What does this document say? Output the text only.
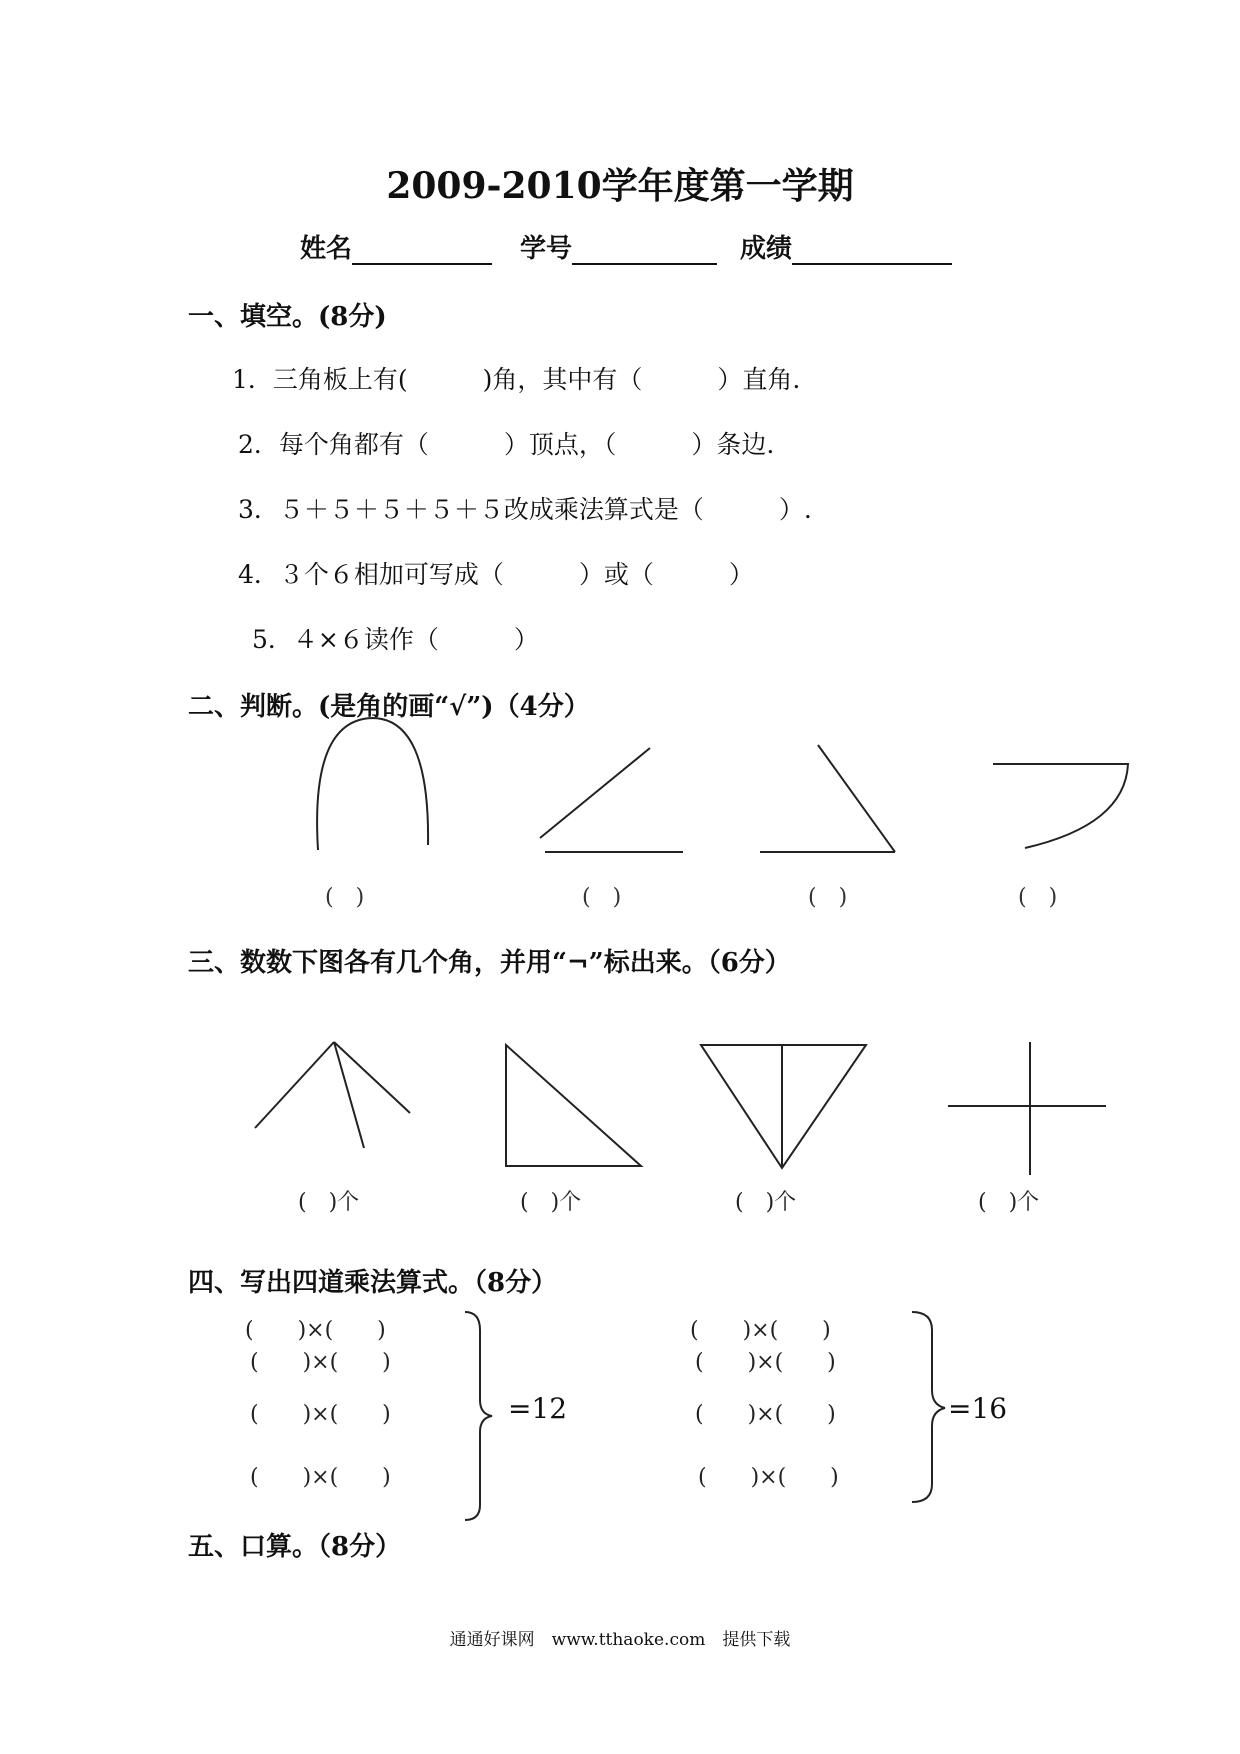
2009-2010学年度第一学期
姓名	学号	成绩
一、填空。(8分)
1．三角板上有(　　　)角，其中有（　　　）直角.
2．每个角都有（　　　）顶点，（　　　）条边.
3．５＋５＋５＋５＋５改成乘法算式是（　　　）.
4．３个６相加可写成（　　　）或（　　　）
5．４×６读作（　　　）
二、判断。(是角的画“√”)（4分）
(　)	(　)	(　)	(　)
三、数数下图各有几个角，并用“¬”标出来。（6分）
(　)个	(　)个	(　)个	(　)个
四、写出四道乘法算式。（8分）
(　　)×(　　)
(　　)×(　　)
(　　)×(　　)
(　　)×(　　)
=12
(　　)×(　　)
(　　)×(　　)
(　　)×(　　)
(　　)×(　　)
=16
五、口算。（8分）
通通好课网　www.tthaoke.com　提供下载
